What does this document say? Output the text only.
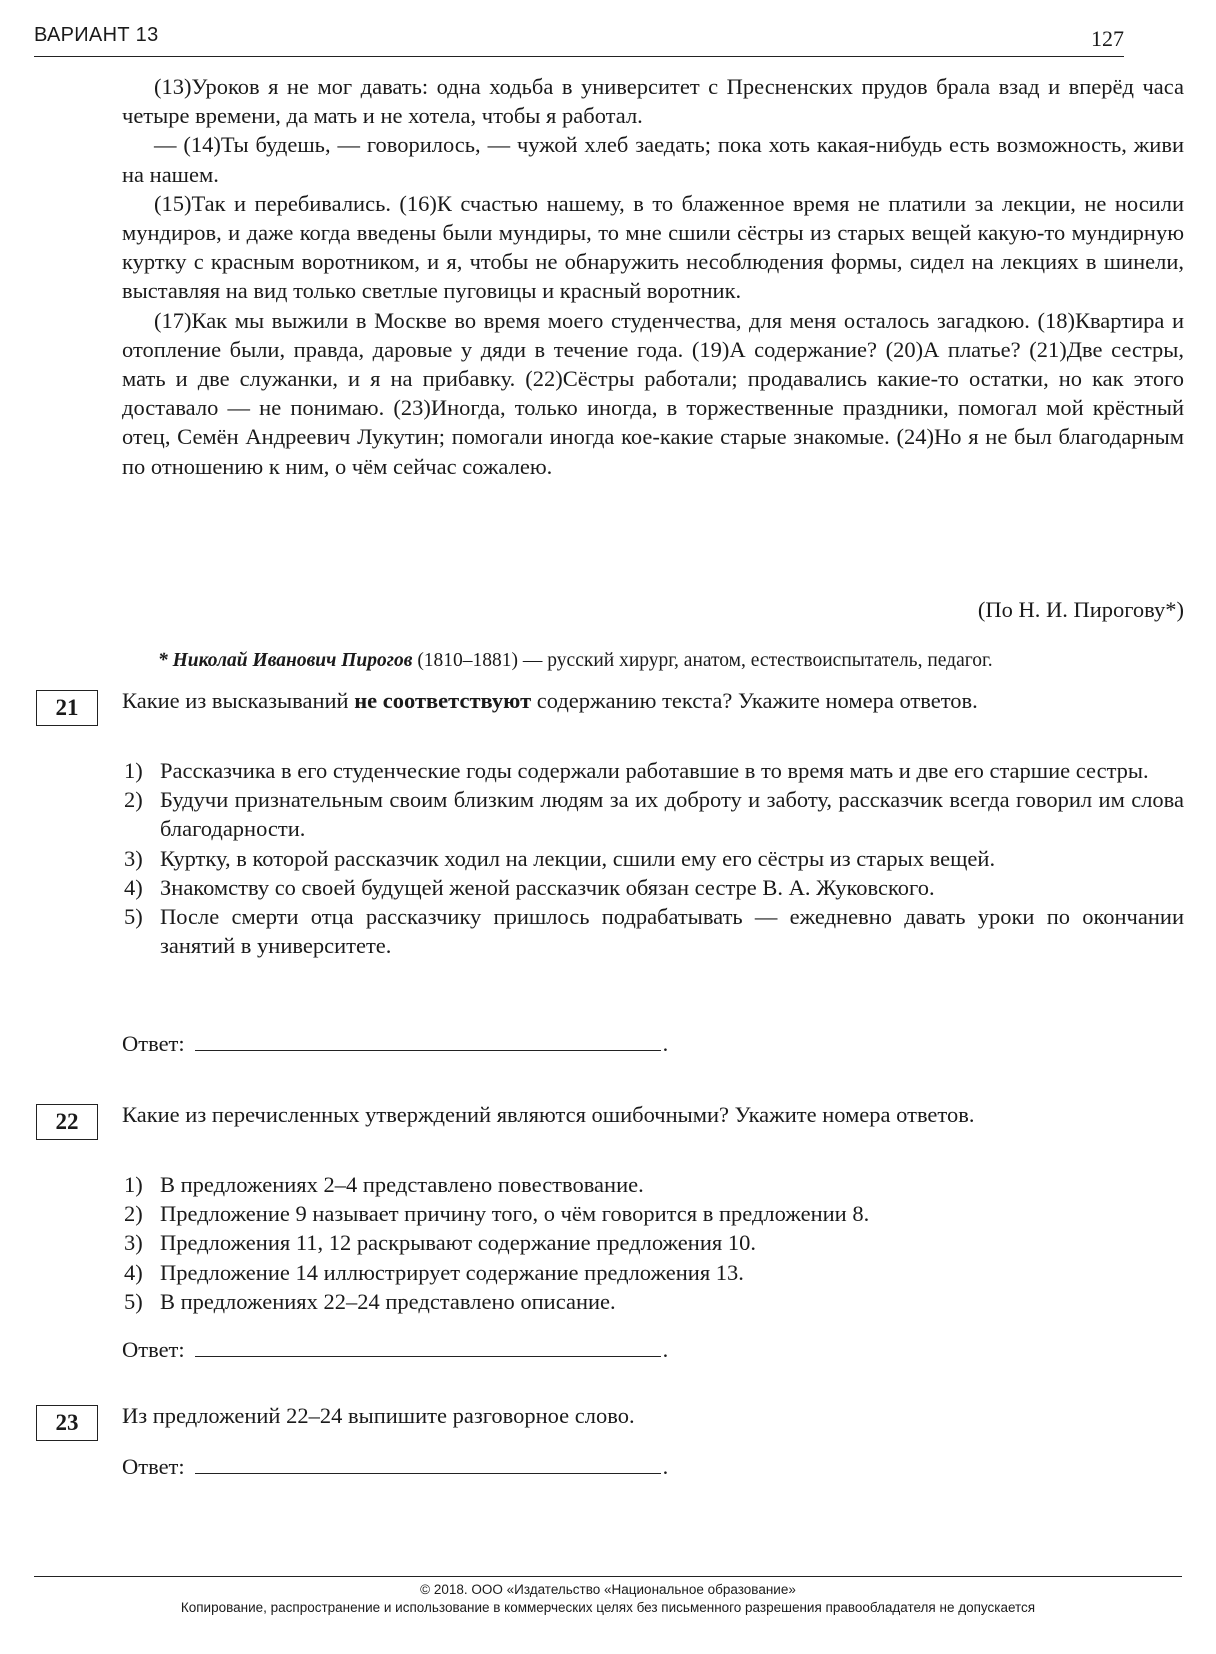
ВАРИАНТ 13	127

(13)Уроков я не мог давать: одна ходьба в университет с Пресненских прудов брала взад и вперёд часа четыре времени, да мать и не хотела, чтобы я работал.

— (14)Ты будешь, — говорилось, — чужой хлеб заедать; пока хоть какая-нибудь есть возможность, живи на нашем.

(15)Так и перебивались. (16)К счастью нашему, в то блаженное время не платили за лекции, не носили мундиров, и даже когда введены были мундиры, то мне сшили сёстры из старых вещей какую-то мундирную куртку с красным воротником, и я, чтобы не обнаружить несоблюдения формы, сидел на лекциях в шинели, выставляя на вид только светлые пуговицы и красный воротник.

(17)Как мы выжили в Москве во время моего студенчества, для меня осталось загадкою. (18)Квартира и отопление были, правда, даровые у дяди в течение года. (19)А содержание? (20)А платье? (21)Две сестры, мать и две служанки, и я на прибавку. (22)Сёстры работали; продавались какие-то остатки, но как этого доставало — не понимаю. (23)Иногда, только иногда, в торжественные праздники, помогал мой крёстный отец, Семён Андреевич Лукутин; помогали иногда кое-какие старые знакомые. (24)Но я не был благодарным по отношению к ним, о чём сейчас сожалею.

(По Н. И. Пирогову*)
* Николай Иванович Пирогов (1810–1881) — русский хирург, анатом, естествоиспытатель, педагог.
21	Какие из высказываний не соответствуют содержанию текста? Укажите номера ответов.
1) Рассказчика в его студенческие годы содержали работавшие в то время мать и две его старшие сестры.
2) Будучи признательным своим близким людям за их доброту и заботу, рассказчик всегда говорил им слова благодарности.
3) Куртку, в которой рассказчик ходил на лекции, сшили ему его сёстры из старых вещей.
4) Знакомству со своей будущей женой рассказчик обязан сестре В. А. Жуковского.
5) После смерти отца рассказчику пришлось подрабатывать — ежедневно давать уроки по окончании занятий в университете.
Ответ:	.
22	Какие из перечисленных утверждений являются ошибочными? Укажите номера ответов.
1) В предложениях 2–4 представлено повествование.
2) Предложение 9 называет причину того, о чём говорится в предложении 8.
3) Предложения 11, 12 раскрывают содержание предложения 10.
4) Предложение 14 иллюстрирует содержание предложения 13.
5) В предложениях 22–24 представлено описание.
Ответ:	.
23	Из предложений 22–24 выпишите разговорное слово.
Ответ:	.
© 2018. ООО «Издательство «Национальное образование»
Копирование, распространение и использование в коммерческих целях без письменного разрешения правообладателя не допускается
